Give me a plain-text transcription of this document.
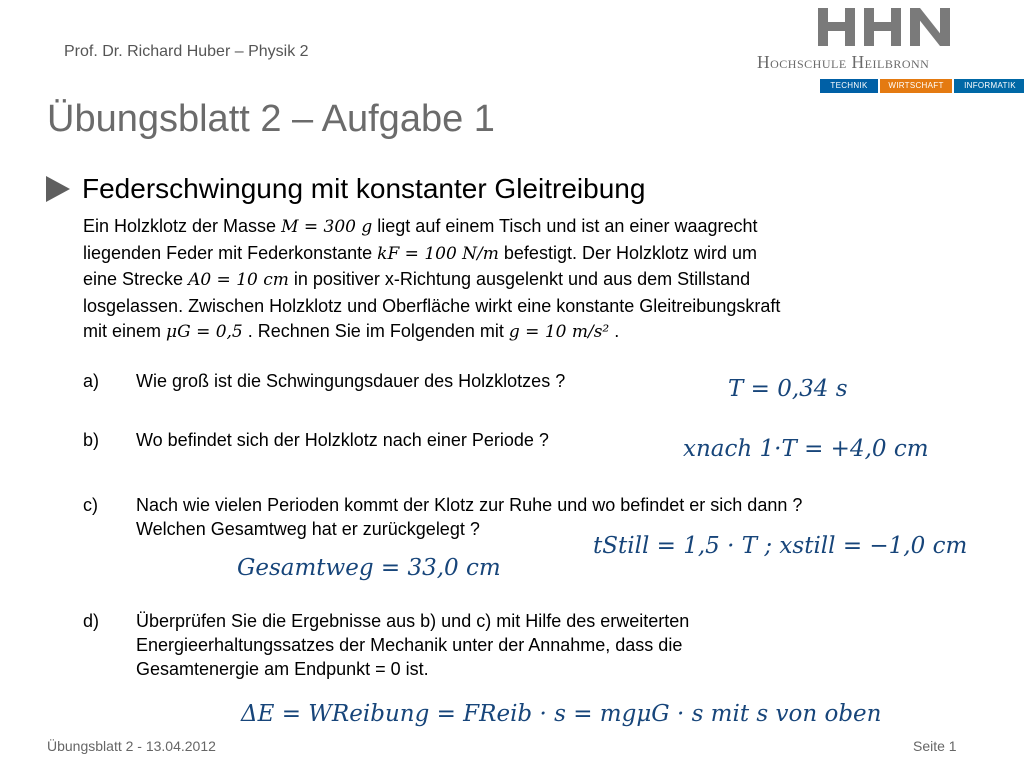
Prof. Dr. Richard Huber – Physik 2
Hochschule Heilbronn
TECHNIK	WIRTSCHAFT	INFORMATIK
Übungsblatt 2 – Aufgabe 1
Federschwingung mit konstanter Gleitreibung
Ein Holzklotz der Masse M = 300 g liegt auf einem Tisch und ist an einer waagrecht
liegenden Feder mit Federkonstante kF = 100 N/m befestigt. Der Holzklotz wird um
eine Strecke A0 = 10 cm in positiver x-Richtung ausgelenkt und aus dem Stillstand
losgelassen. Zwischen Holzklotz und Oberfläche wirkt eine konstante Gleitreibungskraft
mit einem μG = 0,5 . Rechnen Sie im Folgenden mit g = 10 m/s² .
a) Wie groß ist die Schwingungsdauer des Holzklotzes ?
b) Wo befindet sich der Holzklotz nach einer Periode ?
c) Nach wie vielen Perioden kommt der Klotz zur Ruhe und wo befindet er sich dann ?
Welchen Gesamtweg hat er zurückgelegt ?
d) Überprüfen Sie die Ergebnisse aus b) und c) mit Hilfe des erweiterten
Energieerhaltungssatzes der Mechanik unter der Annahme, dass die
Gesamtenergie am Endpunkt = 0 ist.
T = 0,34 s
xnach 1·T = +4,0 cm
tStill = 1,5 · T ; xstill = −1,0 cm
Gesamtweg = 33,0 cm
ΔE = WReibung = FReib · s = mgμG · s mit s von oben
Übungsblatt 2 - 13.04.2012	Seite 1
